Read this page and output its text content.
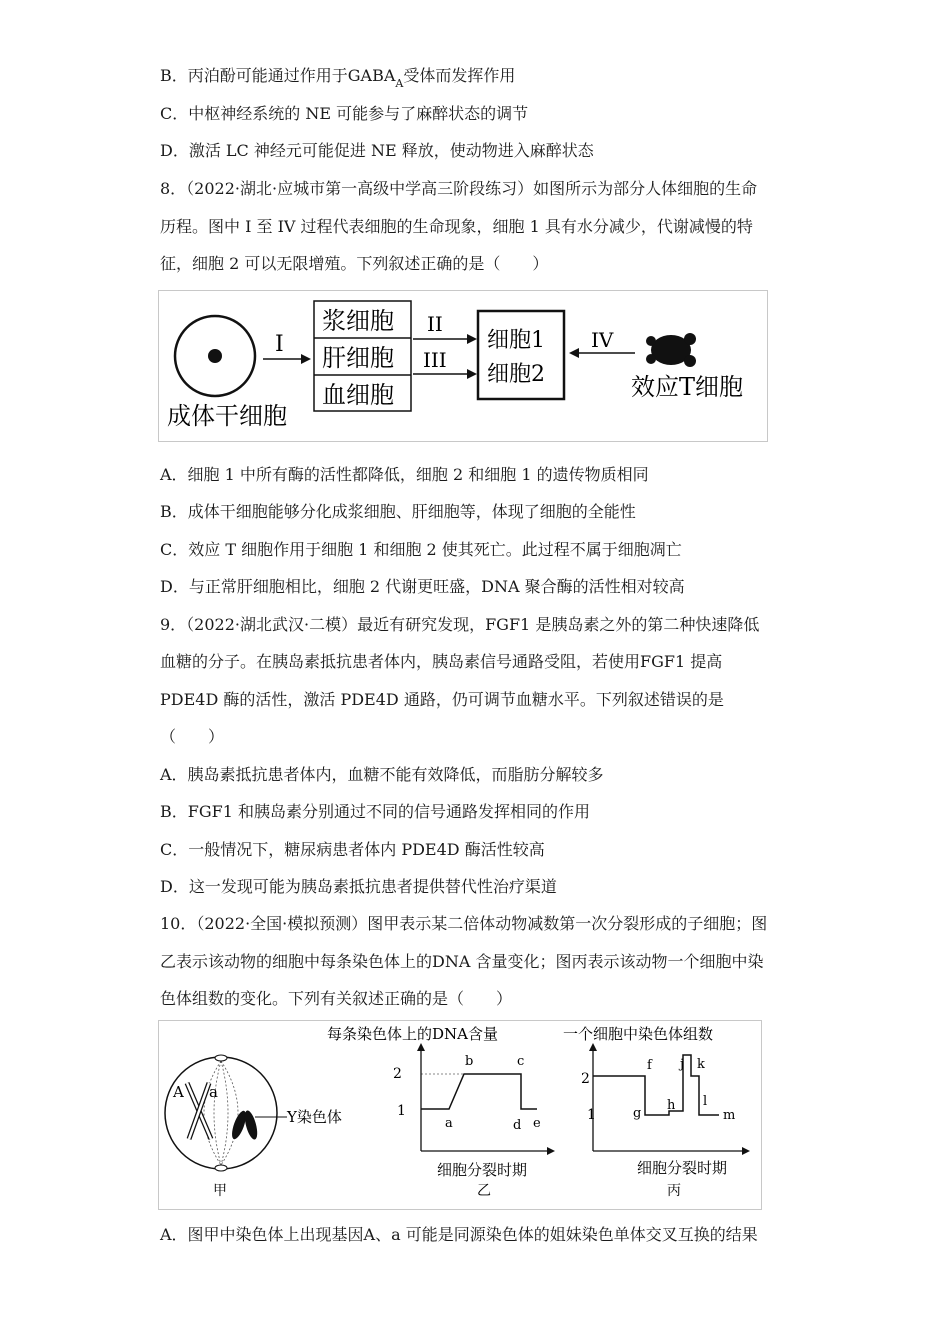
B．丙泊酚可能通过作用于$GABA_A$受体而发挥作用
C．中枢神经系统的 NE 可能参与了麻醉状态的调节
D．激活 LC 神经元可能促进 NE 释放，使动物进入麻醉状态
8．（2022·湖北·应城市第一高级中学高三阶段练习）如图所示为部分人体细胞的生命
历程。图中 I 至 IV 过程代表细胞的生命现象，细胞 1 具有水分减少，代谢减慢的特
征，细胞 2 可以无限增殖。下列叙述正确的是（　　）
成体干细胞
I
浆细胞
肝细胞
血细胞
II
III
细胞1
细胞2
IV
效应T细胞
A．细胞 1 中所有酶的活性都降低，细胞 2 和细胞 1 的遗传物质相同
B．成体干细胞能够分化成浆细胞、肝细胞等，体现了细胞的全能性
C．效应 T 细胞作用于细胞 1 和细胞 2 使其死亡。此过程不属于细胞凋亡
D．与正常肝细胞相比，细胞 2 代谢更旺盛，DNA 聚合酶的活性相对较高
9．（2022·湖北武汉·二模）最近有研究发现，FGF1 是胰岛素之外的第二种快速降低
血糖的分子。在胰岛素抵抗患者体内，胰岛素信号通路受阻，若使用FGF1 提高
PDE4D 酶的活性，激活 PDE4D 通路，仍可调节血糖水平。下列叙述错误的是
（　　）
A．胰岛素抵抗患者体内，血糖不能有效降低，而脂肪分解较多
B．FGF1 和胰岛素分别通过不同的信号通路发挥相同的作用
C．一般情况下，糖尿病患者体内 PDE4D 酶活性较高
D．这一发现可能为胰岛素抵抗患者提供替代性治疗渠道
10．（2022·全国·模拟预测）图甲表示某二倍体动物减数第一次分裂形成的子细胞；图
乙表示该动物的细胞中每条染色体上的DNA 含量变化；图丙表示该动物一个细胞中染
色体组数的变化。下列有关叙述正确的是（　　）
A a
Y染色体
甲
每条染色体上的DNA含量
2
1
a
b	c
d e
细胞分裂时期
乙
一个细胞中染色体组数
2
1
f
g
h
j k
l
m
细胞分裂时期
丙
A．图甲中染色体上出现基因A、a 可能是同源染色体的姐妹染色单体交叉互换的结果
